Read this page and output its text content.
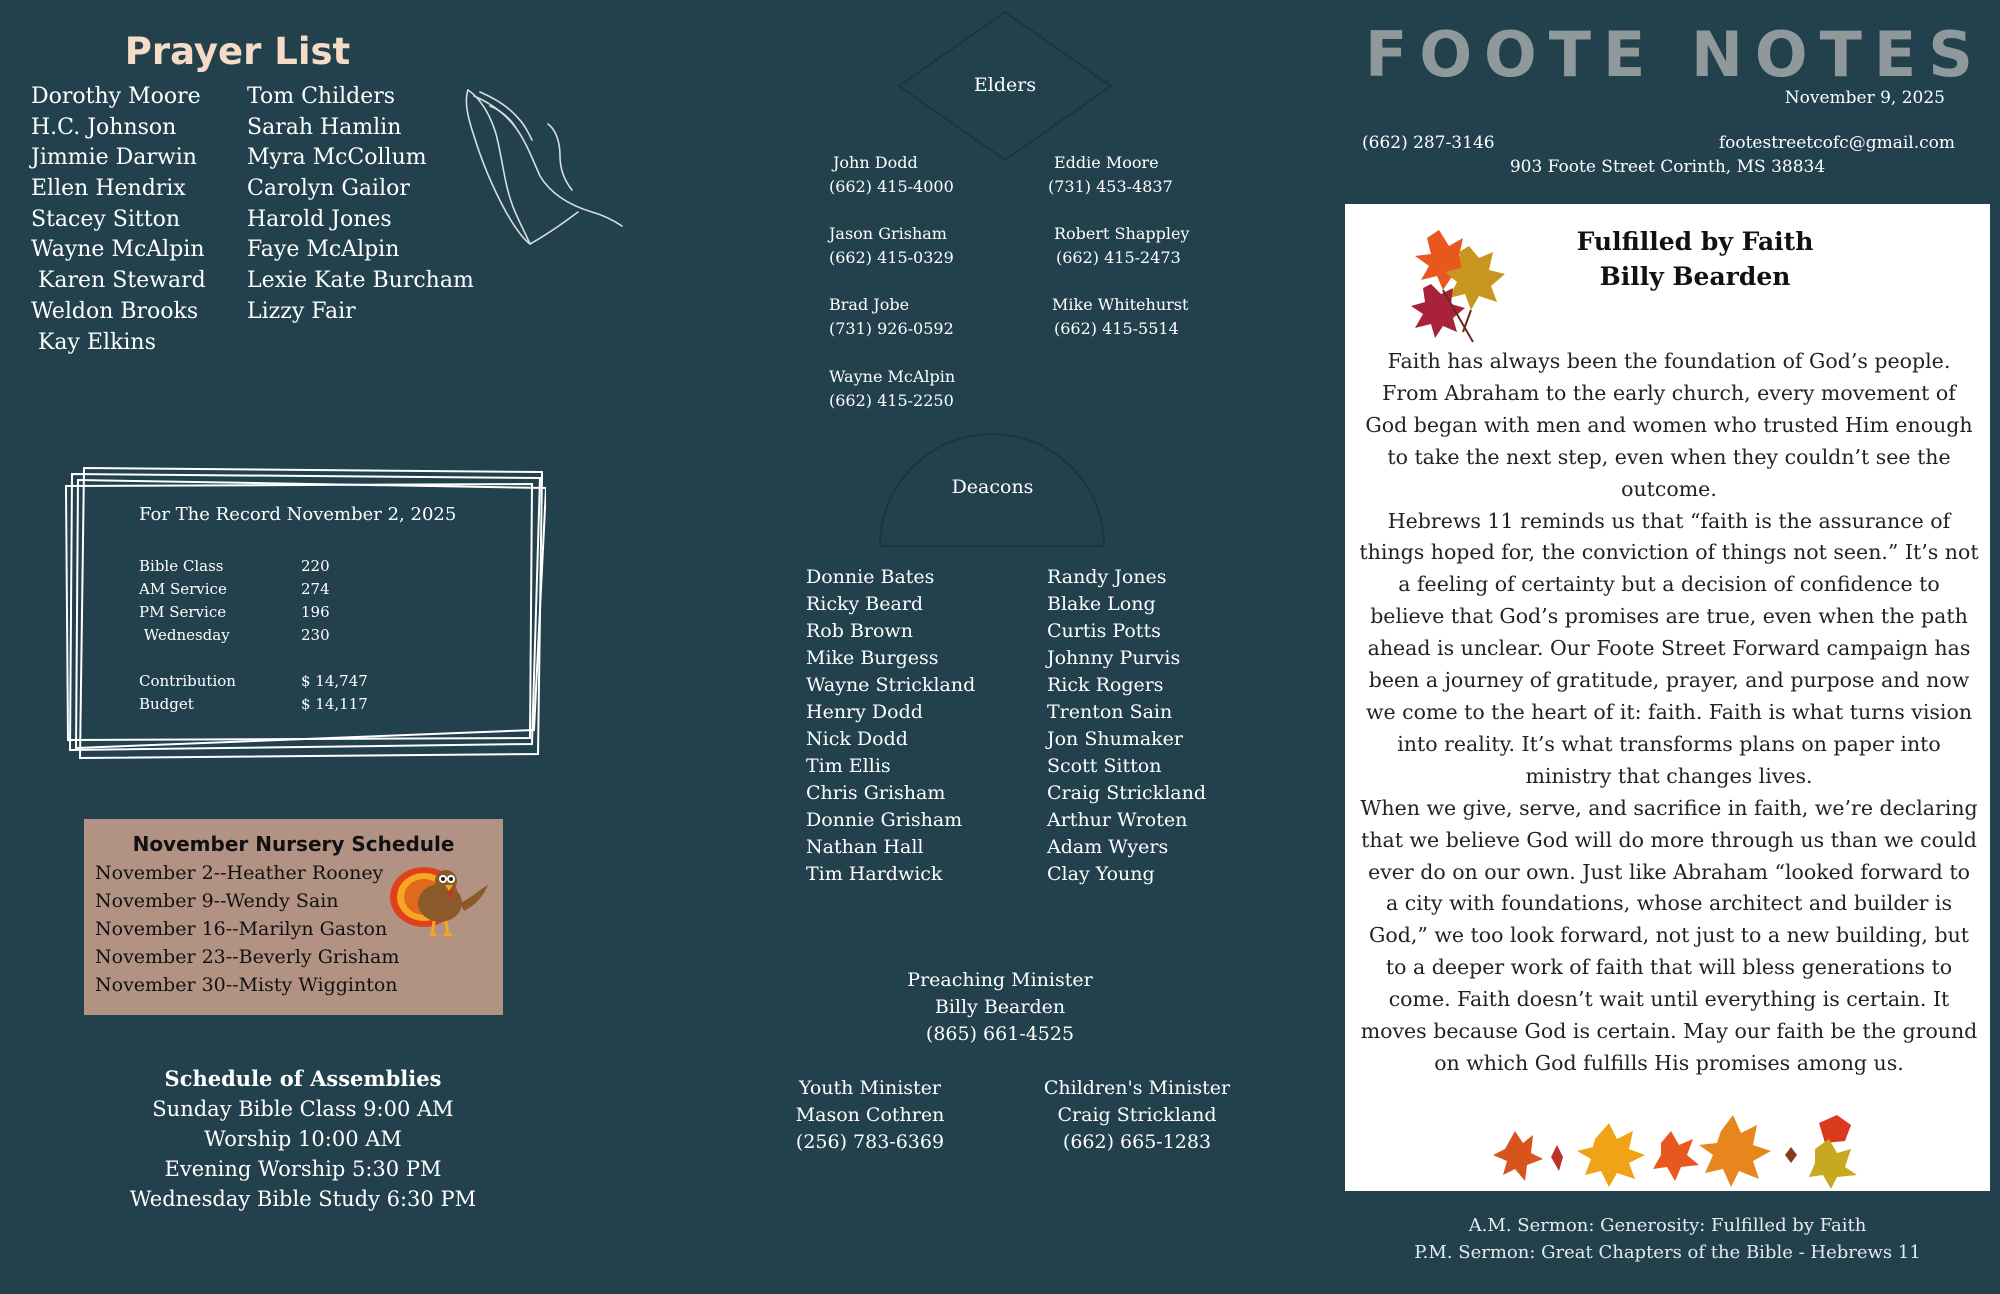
Prayer List
Dorothy Moore
H.C. Johnson
Jimmie Darwin
Ellen Hendrix
Stacey Sitton
Wayne McAlpin
Karen Steward
Weldon Brooks
Kay Elkins
Tom Childers
Sarah Hamlin
Myra McCollum
Carolyn Gailor
Harold Jones
Faye McAlpin
Lexie Kate Burcham
Lizzy Fair
For The Record November 2, 2025
Bible Class	220
AM Service	274
PM Service	196
Wednesday	230
Contribution	$ 14,747
Budget	$ 14,117
November Nursery Schedule
November 2--Heather Rooney
November 9--Wendy Sain
November 16--Marilyn Gaston
November 23--Beverly Grisham
November 30--Misty Wigginton
Schedule of Assemblies
Sunday Bible Class 9:00 AM
Worship 10:00 AM
Evening Worship 5:30 PM
Wednesday Bible Study 6:30 PM
Elders
John Dodd
(662) 415-4000
Eddie Moore
(731) 453-4837
Jason Grisham
(662) 415-0329
Robert Shappley
(662) 415-2473
Brad Jobe
(731) 926-0592
Mike Whitehurst
(662) 415-5514
Wayne McAlpin
(662) 415-2250
Deacons
Donnie Bates
Ricky Beard
Rob Brown
Mike Burgess
Wayne Strickland
Henry Dodd
Nick Dodd
Tim Ellis
Chris Grisham
Donnie Grisham
Nathan Hall
Tim Hardwick
Randy Jones
Blake Long
Curtis Potts
Johnny Purvis
Rick Rogers
Trenton Sain
Jon Shumaker
Scott Sitton
Craig Strickland
Arthur Wroten
Adam Wyers
Clay Young
Preaching Minister
Billy Bearden
(865) 661-4525
Youth Minister
Mason Cothren
(256) 783-6369
Children's Minister
Craig Strickland
(662) 665-1283
FOOTE NOTES
November 9, 2025
(662) 287-3146	footestreetcofc@gmail.com
903 Foote Street Corinth, MS 38834
Fulfilled by Faith
Billy Bearden
Faith has always been the foundation of God’s people. From Abraham to the early church, every movement of God began with men and women who trusted Him enough to take the next step, even when they couldn’t see the outcome.
Hebrews 11 reminds us that “faith is the assurance of things hoped for, the conviction of things not seen.” It’s not a feeling of certainty but a decision of confidence to believe that God’s promises are true, even when the path ahead is unclear. Our Foote Street Forward campaign has been a journey of gratitude, prayer, and purpose and now we come to the heart of it: faith. Faith is what turns vision into reality. It’s what transforms plans on paper into ministry that changes lives.
When we give, serve, and sacrifice in faith, we’re declaring that we believe God will do more through us than we could ever do on our own. Just like Abraham “looked forward to a city with foundations, whose architect and builder is God,” we too look forward, not just to a new building, but to a deeper work of faith that will bless generations to come. Faith doesn’t wait until everything is certain. It moves because God is certain. May our faith be the ground on which God fulfills His promises among us.
A.M. Sermon: Generosity: Fulfilled by Faith
P.M. Sermon: Great Chapters of the Bible - Hebrews 11
